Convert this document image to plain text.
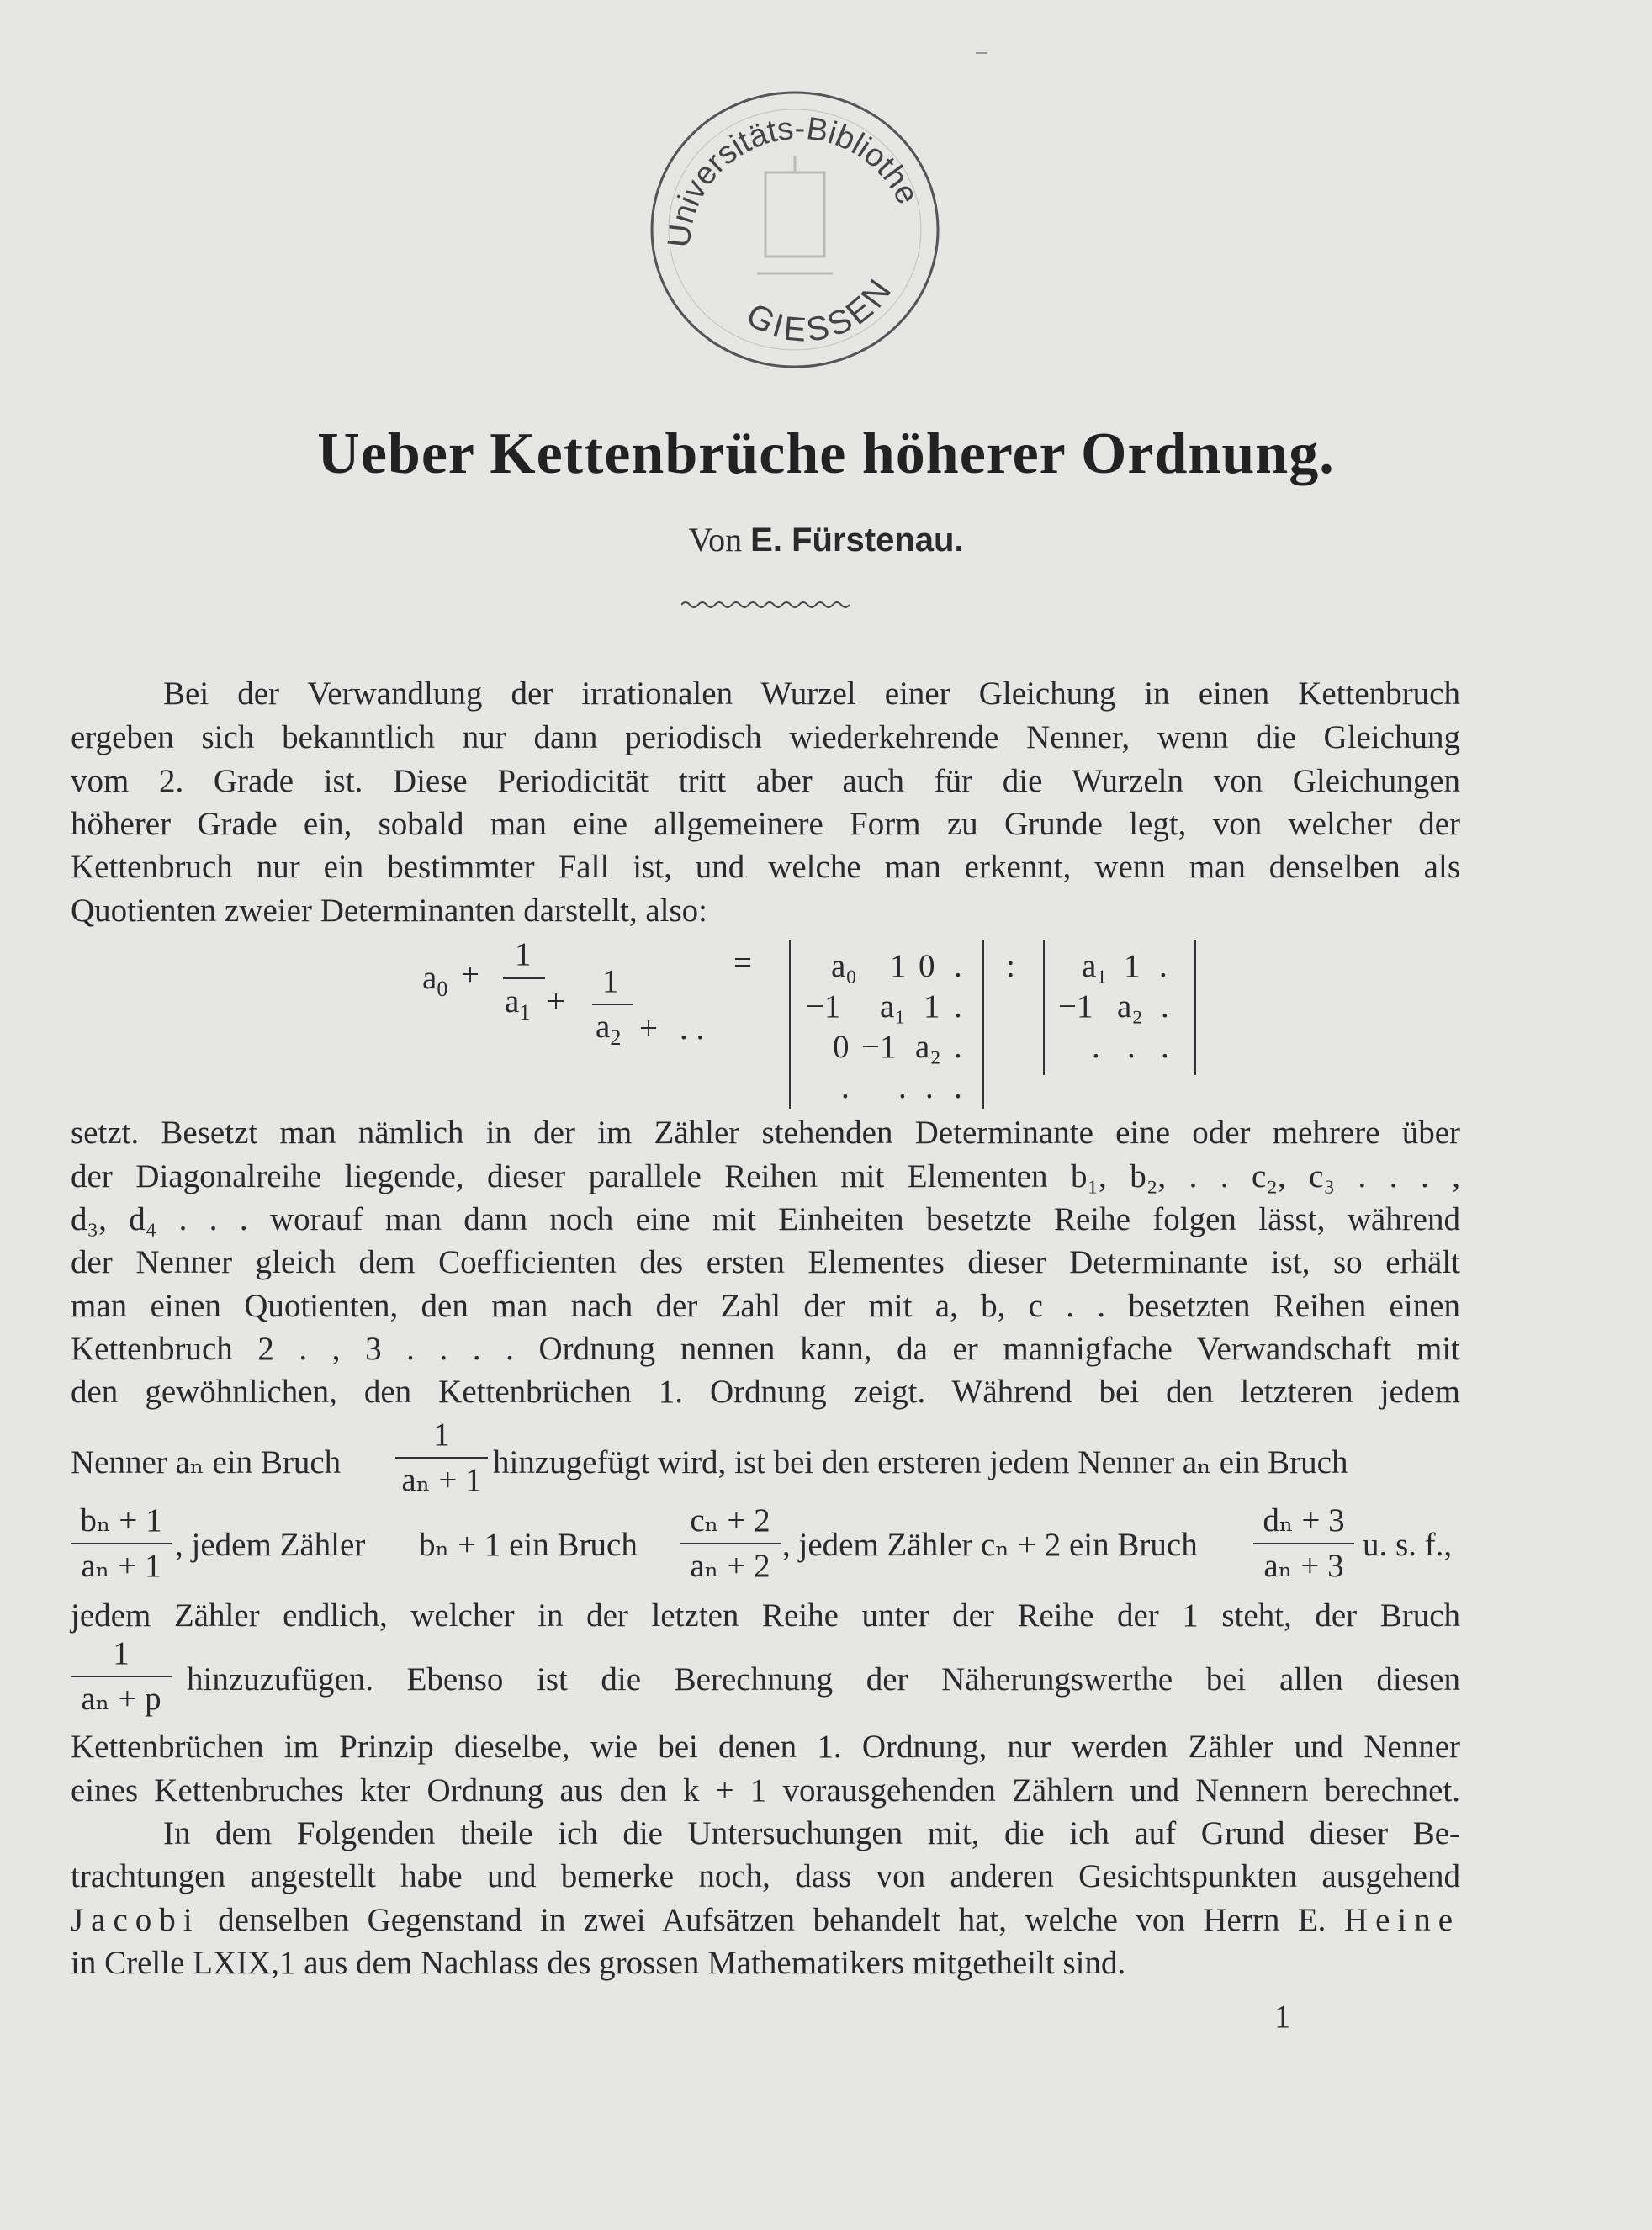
Universitäts-Bibliothe
GIESSEN
Ueber Kettenbrüche höherer Ordnung.
Von E. Fürstenau.
Bei der Verwandlung der irrationalen Wurzel einer Gleichung in einen Kettenbruch
ergeben sich bekanntlich nur dann periodisch wiederkehrende Nenner, wenn die Gleichung
vom 2. Grade ist. Diese Periodicität tritt aber auch für die Wurzeln von Gleichungen
höherer Grade ein, sobald man eine allgemeinere Form zu Grunde legt, von welcher der
Kettenbruch nur ein bestimmter Fall ist, und welche man erkennt, wenn man denselben als
Quotienten zweier Determinanten darstellt, also:
$a_0$ +
1
$a_1$ +
1
$a_2$ + . .
= a₀ 1 0 .
−1 a₁ 1 .
0 −1 a₂ .
. . . .
: a₁ 1 .
−1 a₂ .
. . .
setzt. Besetzt man nämlich in der im Zähler stehenden Determinante eine oder mehrere über
der Diagonalreihe liegende, dieser parallele Reihen mit Elementen b₁, b₂, . . c₂, c₃ . . . ,
d₃, d₄ . . . worauf man dann noch eine mit Einheiten besetzte Reihe folgen lässt, während
der Nenner gleich dem Coefficienten des ersten Elementes dieser Determinante ist, so erhält
man einen Quotienten, den man nach der Zahl der mit a, b, c . . besetzten Reihen einen
Kettenbruch 2 . , 3 . . . . Ordnung nennen kann, da er mannigfache Verwandschaft mit
den gewöhnlichen, den Kettenbrüchen 1. Ordnung zeigt. Während bei den letzteren jedem
Nenner aₙ ein Bruch
1
aₙ + 1 hinzugefügt wird, ist bei den ersteren jedem Nenner aₙ ein Bruch
bₙ + 1
aₙ + 1
, jedem Zähler bₙ + 1 ein Bruch
cₙ + 2
aₙ + 2
, jedem Zähler cₙ + 2 ein Bruch
dₙ + 3
aₙ + 3
u. s. f.,
jedem Zähler endlich, welcher in der letzten Reihe unter der Reihe der 1 steht, der Bruch
1
aₙ + p
hinzuzufügen. Ebenso ist die Berechnung der Näherungswerthe bei allen diesen
Kettenbrüchen im Prinzip dieselbe, wie bei denen 1. Ordnung, nur werden Zähler und Nenner
eines Kettenbruches kter Ordnung aus den k + 1 vorausgehenden Zählern und Nennern berechnet.
In dem Folgenden theile ich die Untersuchungen mit, die ich auf Grund dieser Be-
trachtungen angestellt habe und bemerke noch, dass von anderen Gesichtspunkten ausgehend
Jacobi denselben Gegenstand in zwei Aufsätzen behandelt hat, welche von Herrn E. Heine
in Crelle LXIX,1 aus dem Nachlass des grossen Mathematikers mitgetheilt sind.
1
